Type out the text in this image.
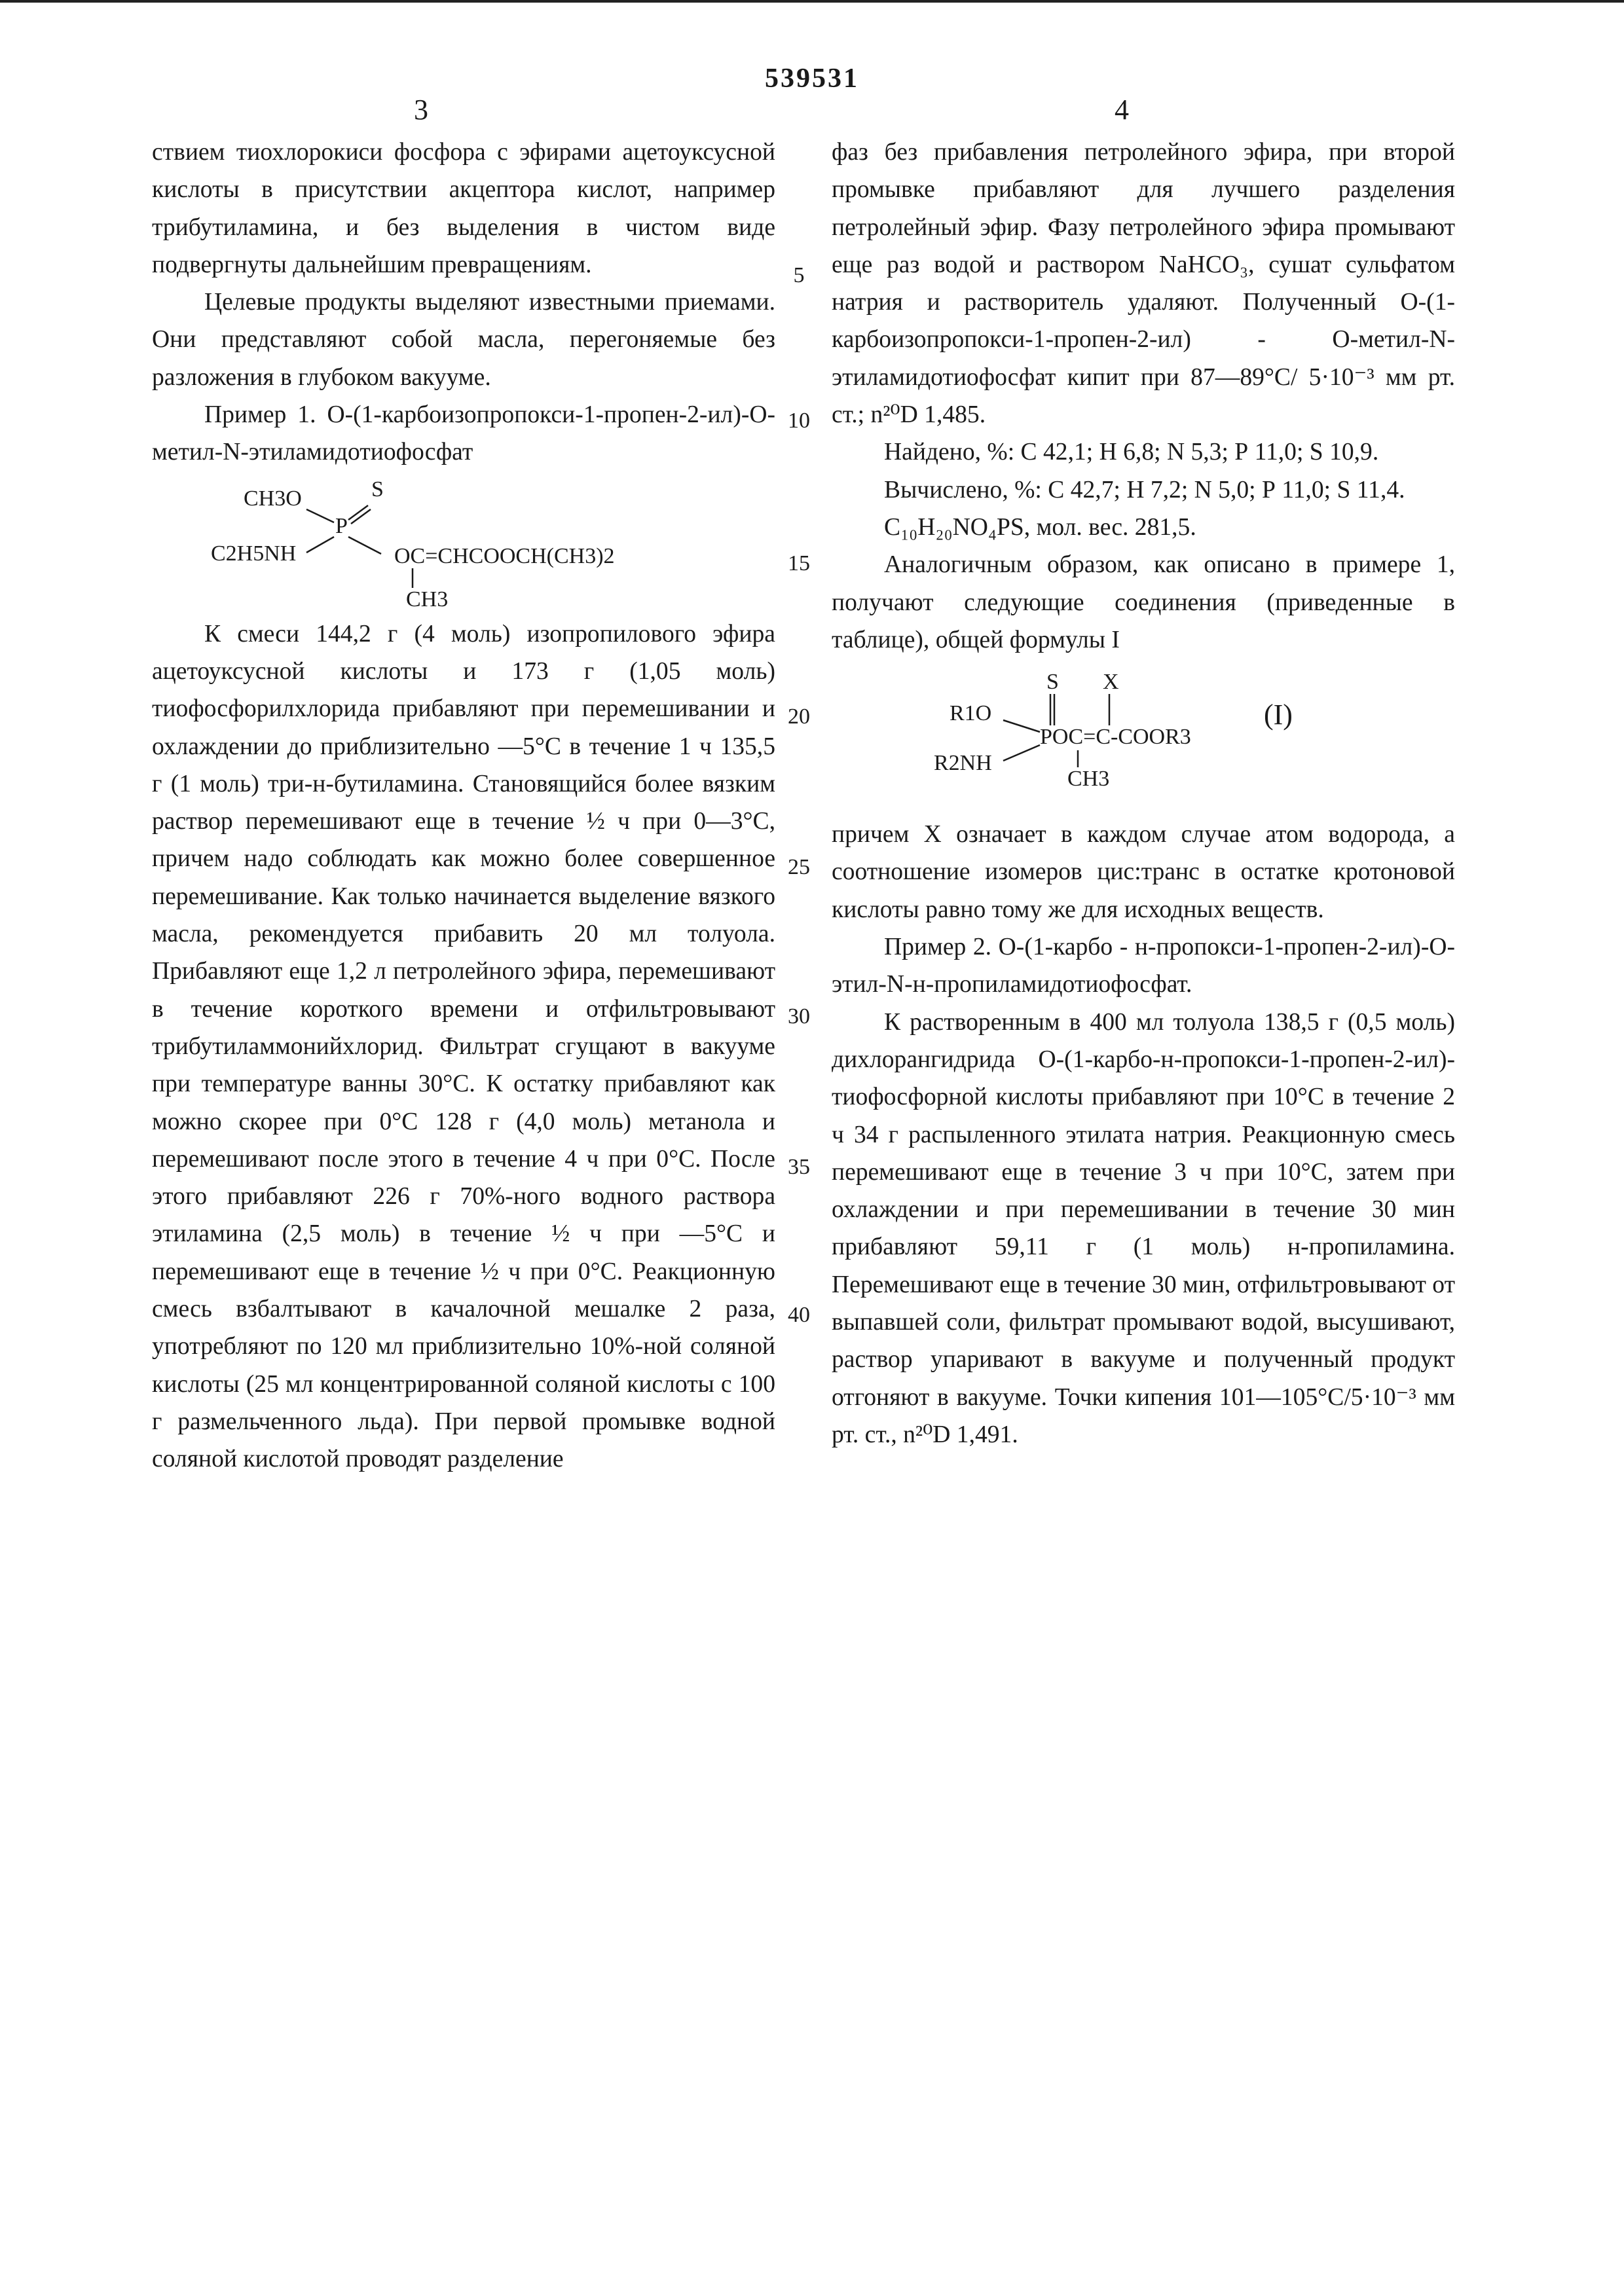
539531
3	4
5
10
15
20
25
30
35
40

ствием тиохлорокиси фосфора с эфирами ацетоуксусной кислоты в присутствии акцептора кислот, например трибутиламина, и без выделения в чистом виде подвергнуты дальнейшим превращениям.

Целевые продукты выделяют известными приемами. Они представляют собой масла, перегоняемые без разложения в глубоком вакууме.

Пример 1. О-(1-карбоизопропокси-1-пропен-2-ил)-О-метил-N-этиламидотиофосфат

CH3O	S
P
C2H5NH	OC=CHCOOCH(CH3)2
CH3

К смеси 144,2 г (4 моль) изопропилового эфира ацетоуксусной кислоты и 173 г (1,05 моль) тиофосфорилхлорида прибавляют при перемешивании и охлаждении до приблизительно —5°С в течение 1 ч 135,5 г (1 моль) три-н-бутиламина. Становящийся более вязким раствор перемешивают еще в течение ½ ч при 0—3°С, причем надо соблюдать как можно более совершенное перемешивание. Как только начинается выделение вязкого масла, рекомендуется прибавить 20 мл толуола. Прибавляют еще 1,2 л петролейного эфира, перемешивают в течение короткого времени и отфильтровывают трибутиламмонийхлорид. Фильтрат сгущают в вакууме при температуре ванны 30°С. К остатку прибавляют как можно скорее при 0°С 128 г (4,0 моль) метанола и перемешивают после этого в течение 4 ч при 0°С. После этого прибавляют 226 г 70%-ного водного раствора этиламина (2,5 моль) в течение ½ ч при —5°С и перемешивают еще в течение ½ ч при 0°С. Реакционную смесь взбалтывают в качалочной мешалке 2 раза, употребляют по 120 мл приблизительно 10%-ной соляной кислоты (25 мл концентрированной соляной кислоты с 100 г размельченного льда). При первой промывке водной соляной кислотой проводят разделение

фаз без прибавления петролейного эфира, при второй промывке прибавляют для лучшего разделения петролейный эфир. Фазу петролейного эфира промывают еще раз водой и раствором NaHCO₃, сушат сульфатом натрия и растворитель удаляют. Полученный О-(1-карбоизопропокси-1-пропен-2-ил) - О-метил-N-этиламидотиофосфат кипит при 87—89°С/ 5·10⁻³ мм рт. ст.; n²⁰D 1,485.

Найдено, %: С 42,1; Н 6,8; N 5,3; Р 11,0; S 10,9.

Вычислено, %: С 42,7; Н 7,2; N 5,0; Р 11,0; S 11,4.

C₁₀H₂₀NO₄PS, мол. вес. 281,5.

Аналогичным образом, как описано в примере 1, получают следующие соединения (приведенные в таблице), общей формулы I

S X
R1O
POC=C-COOR3
R2NH
CH3
(I)

причем X означает в каждом случае атом водорода, а соотношение изомеров цис:транс в остатке кротоновой кислоты равно тому же для исходных веществ.

Пример 2. О-(1-карбо - н-пропокси-1-пропен-2-ил)-О-этил-N-н-пропиламидотиофосфат.

К растворенным в 400 мл толуола 138,5 г (0,5 моль) дихлорангидрида О-(1-карбо-н-пропокси-1-пропен-2-ил)-тиофосфорной кислоты прибавляют при 10°С в течение 2 ч 34 г распыленного этилата натрия. Реакционную смесь перемешивают еще в течение 3 ч при 10°С, затем при охлаждении и при перемешивании в течение 30 мин прибавляют 59,11 г (1 моль) н-пропиламина. Перемешивают еще в течение 30 мин, отфильтровывают от выпавшей соли, фильтрат промывают водой, высушивают, раствор упаривают в вакууме и полученный продукт отгоняют в вакууме. Точки кипения 101—105°С/5·10⁻³ мм рт. ст., n²⁰D 1,491.
